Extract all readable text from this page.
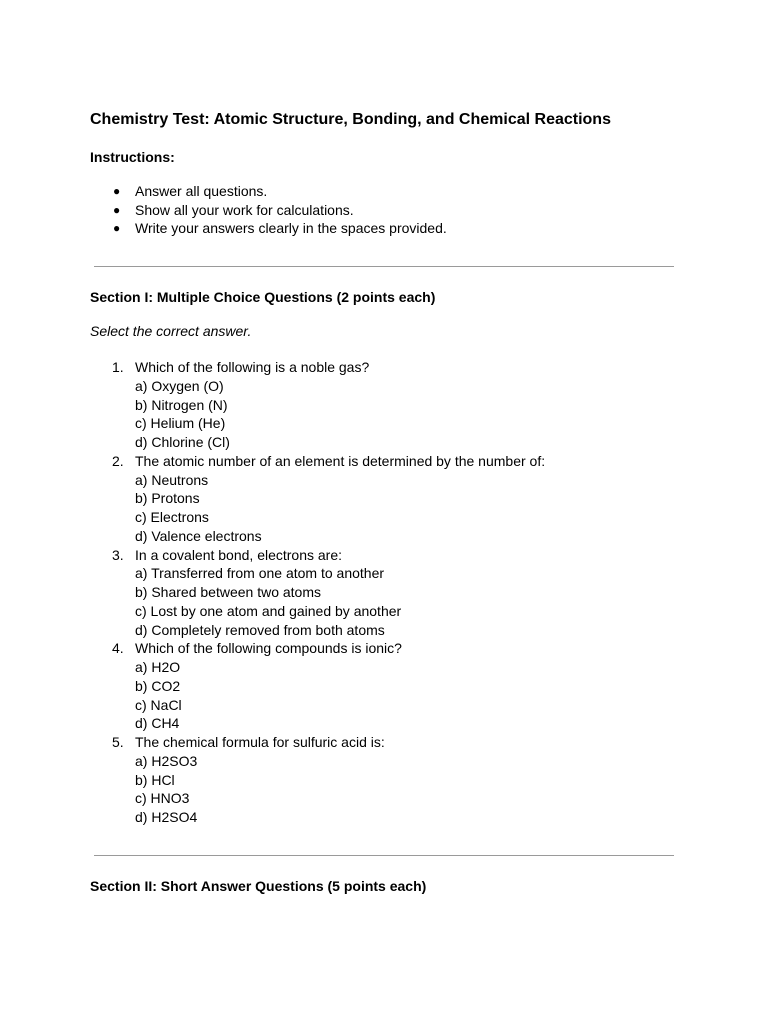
Chemistry Test: Atomic Structure, Bonding, and Chemical Reactions
Instructions:
● Answer all questions.
● Show all your work for calculations.
● Write your answers clearly in the spaces provided.
Section I: Multiple Choice Questions (2 points each)

Select the correct answer.

1. Which of the following is a noble gas?
a) Oxygen (O)
b) Nitrogen (N)
c) Helium (He)
d) Chlorine (Cl)
2. The atomic number of an element is determined by the number of:
a) Neutrons
b) Protons
c) Electrons
d) Valence electrons
3. In a covalent bond, electrons are:
a) Transferred from one atom to another
b) Shared between two atoms
c) Lost by one atom and gained by another
d) Completely removed from both atoms
4. Which of the following compounds is ionic?
a) H2O
b) CO2
c) NaCl
d) CH4
5. The chemical formula for sulfuric acid is:
a) H2SO3
b) HCl
c) HNO3
d) H2SO4
Section II: Short Answer Questions (5 points each)
